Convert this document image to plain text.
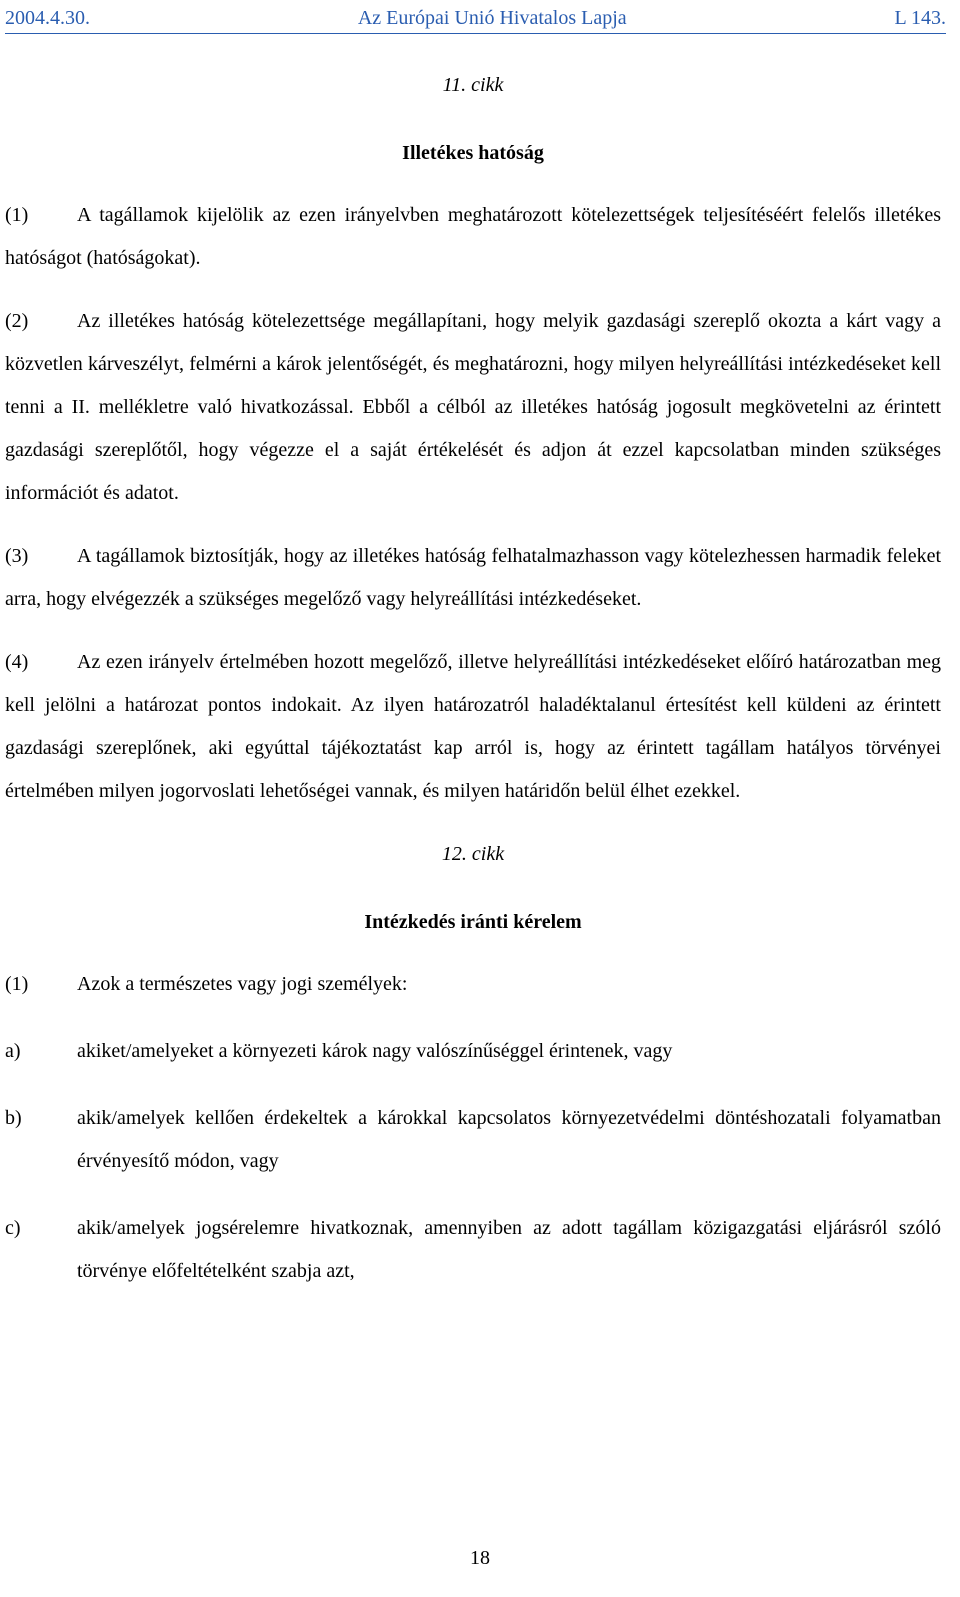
2004.4.30.	Az Európai Unió Hivatalos Lapja	L 143.
11. cikk
Illetékes hatóság

(1) A tagállamok kijelölik az ezen irányelvben meghatározott kötelezettségek teljesítéséért felelős illetékes hatóságot (hatóságokat).

(2) Az illetékes hatóság kötelezettsége megállapítani, hogy melyik gazdasági szereplő okozta a kárt vagy a közvetlen kárveszélyt, felmérni a károk jelentőségét, és meghatározni, hogy milyen helyreállítási intézkedéseket kell tenni a II. mellékletre való hivatkozással. Ebből a célból az illetékes hatóság jogosult megkövetelni az érintett gazdasági szereplőtől, hogy végezze el a saját értékelését és adjon át ezzel kapcsolatban minden szükséges információt és adatot.

(3) A tagállamok biztosítják, hogy az illetékes hatóság felhatalmazhasson vagy kötelezhessen harmadik feleket arra, hogy elvégezzék a szükséges megelőző vagy helyreállítási intézkedéseket.

(4) Az ezen irányelv értelmében hozott megelőző, illetve helyreállítási intézkedéseket előíró határozatban meg kell jelölni a határozat pontos indokait. Az ilyen határozatról haladéktalanul értesítést kell küldeni az érintett gazdasági szereplőnek, aki egyúttal tájékoztatást kap arról is, hogy az érintett tagállam hatályos törvényei értelmében milyen jogorvoslati lehetőségei vannak, és milyen határidőn belül élhet ezekkel.

12. cikk
Intézkedés iránti kérelem
(1)	Azok a természetes vagy jogi személyek:
a)	akiket/amelyeket a környezeti károk nagy valószínűséggel érintenek, vagy
b)	akik/amelyek kellően érdekeltek a károkkal kapcsolatos környezetvédelmi döntéshozatali folyamatban érvényesítő módon, vagy
c)	akik/amelyek jogsérelemre hivatkoznak, amennyiben az adott tagállam közigazgatási eljárásról szóló törvénye előfeltételként szabja azt,
18
